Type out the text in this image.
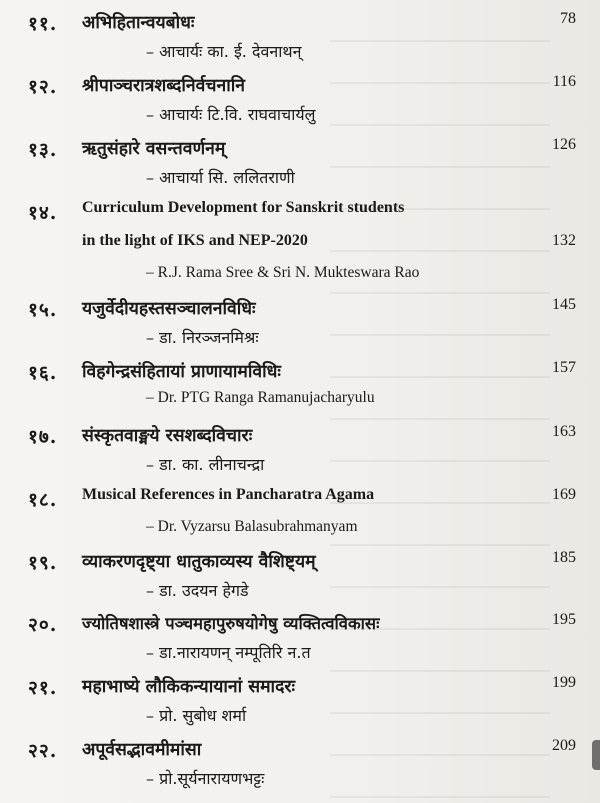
११.	अभिहितान्वयबोधः	78
– आचार्यः का. ई. देवनाथन्
१२.	श्रीपाञ्चरात्रशब्दनिर्वचनानि	116
– आचार्यः टि.वि. राघवाचार्यलु
१३.	ऋतुसंहारे वसन्तवर्णनम्	126
– आचार्या सि. ललितराणी
१४.	Curriculum Development for Sanskrit students
in the light of IKS and NEP-2020	132
– R.J. Rama Sree & Sri N. Mukteswara Rao
१५.	यजुर्वेदीयहस्तसञ्चालनविधिः	145
– डा. निरञ्जनमिश्रः
१६.	विहगेन्द्रसंहितायां प्राणायामविधिः	157
– Dr. PTG Ranga Ramanujacharyulu
१७.	संस्कृतवाङ्मये रसशब्दविचारः	163
– डा. का. लीनाचन्द्रा
१८.	Musical References in Pancharatra Agama	169
– Dr. Vyzarsu Balasubrahmanyam
१९.	व्याकरणदृष्ट्या धातुकाव्यस्य वैशिष्ट्यम्	185
– डा. उदयन हेगडे
२०.	ज्योतिषशास्त्रे पञ्चमहापुरुषयोगेषु व्यक्तित्वविकासः	195
– डा.नारायणन् नम्पूतिरि न.त
२१.	महाभाष्ये लौकिकन्यायानां समादरः	199
– प्रो. सुबोध शर्मा
२२.	अपूर्वसद्भावमीमांसा	209
– प्रो.सूर्यनारायणभट्टः
